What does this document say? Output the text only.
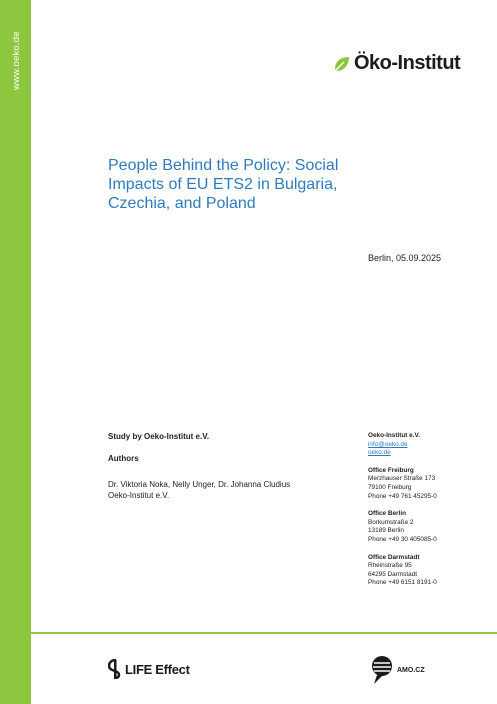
www.oeko.de	Öko-Institut
People Behind the Policy: Social
Impacts of EU ETS2 in Bulgaria,
Czechia, and Poland
Berlin, 05.09.2025
Study by Oeko-Institut e.V.
Authors
Dr. Viktoria Noka, Nelly Unger, Dr. Johanna Cludius
Oeko-Institut e.V.
Oeko-Institut e.V.
info@oeko.de
oeko.de
Office Freiburg
Merzhauser Straße 173
79100 Freiburg
Phone +49 761 45295-0
Office Berlin
Borkumstraße 2
13189 Berlin
Phone +49 30 405085-0
Office Darmstadt
Rheinstraße 95
64295 Darmstadt
Phone +49 6151 8191-0
LIFE Effect	AMO.CZ
